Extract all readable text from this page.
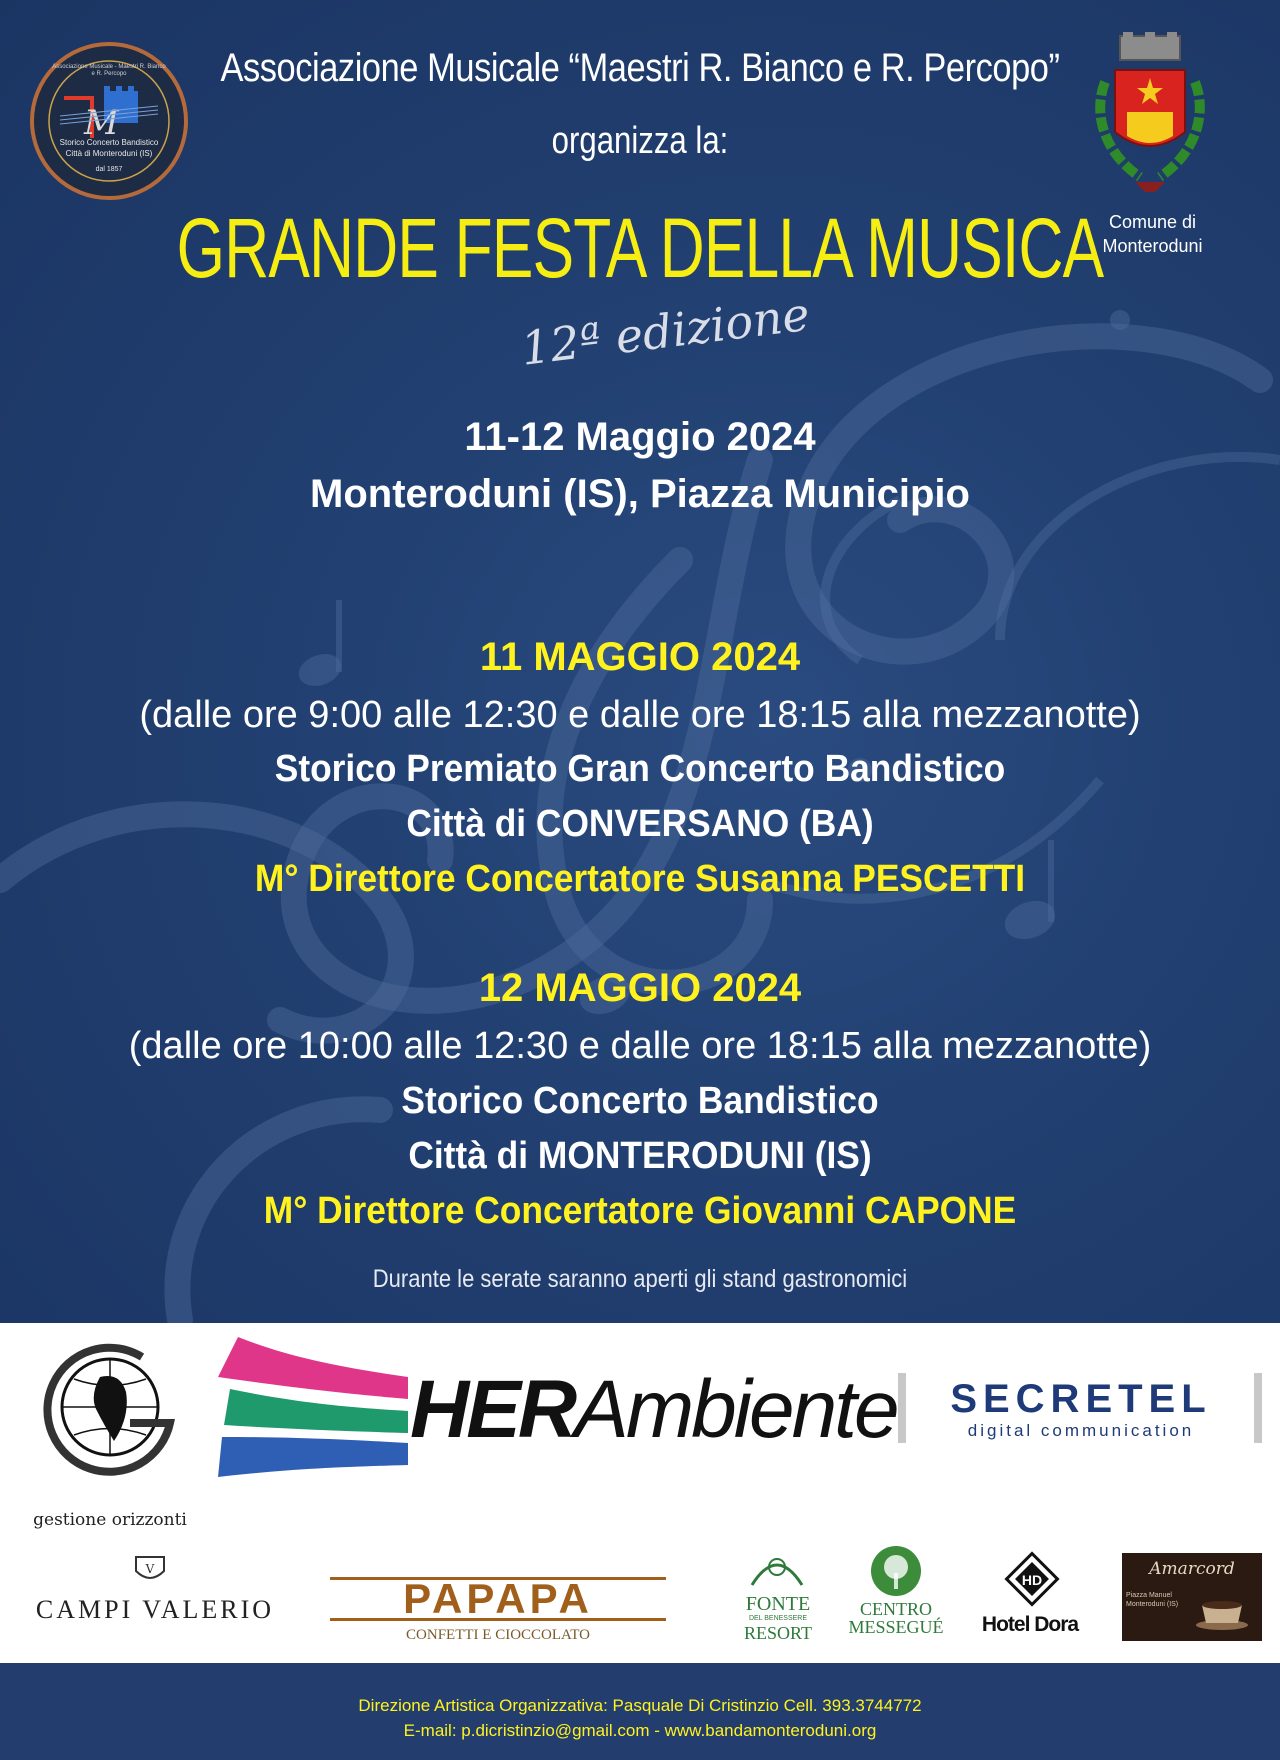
M
Storico Concerto Bandistico
Città di Monteroduni (IS)
dal 1857
Associazione Musicale - Maestri R. Bianco e R. Percopo
Comune di Monteroduni
Associazione Musicale “Maestri R. Bianco e R. Percopo”
organizza la:
GRANDE FESTA DELLA MUSICA
12ª edizione
11-12 Maggio 2024
Monteroduni (IS), Piazza Municipio
11 MAGGIO 2024
(dalle ore 9:00 alle 12:30 e dalle ore 18:15 alla mezzanotte)
Storico Premiato Gran Concerto Bandistico
Città di CONVERSANO (BA)
M° Direttore Concertatore Susanna PESCETTI
12 MAGGIO 2024
(dalle ore 10:00 alle 12:30 e dalle ore 18:15 alla mezzanotte)
Storico Concerto Bandistico
Città di MONTERODUNI (IS)
M° Direttore Concertatore Giovanni CAPONE
Durante le serate saranno aperti gli stand gastronomici
gestione orizzonti
HERAmbiente	SECRETEL
digital communication
V
CAMPI VALERIO	PAPAPA
CONFETTI E CIOCCOLATO
FONTE
DEL BENESSERE
RESORT
CENTRO
MESSEGUÉ
HD
Hotel Dora
Amarcord
Piazza Manuel Monteroduni (IS)
Direzione Artistica Organizzativa: Pasquale Di Cristinzio Cell. 393.3744772
E-mail: p.dicristinzio@gmail.com - www.bandamonteroduni.org
